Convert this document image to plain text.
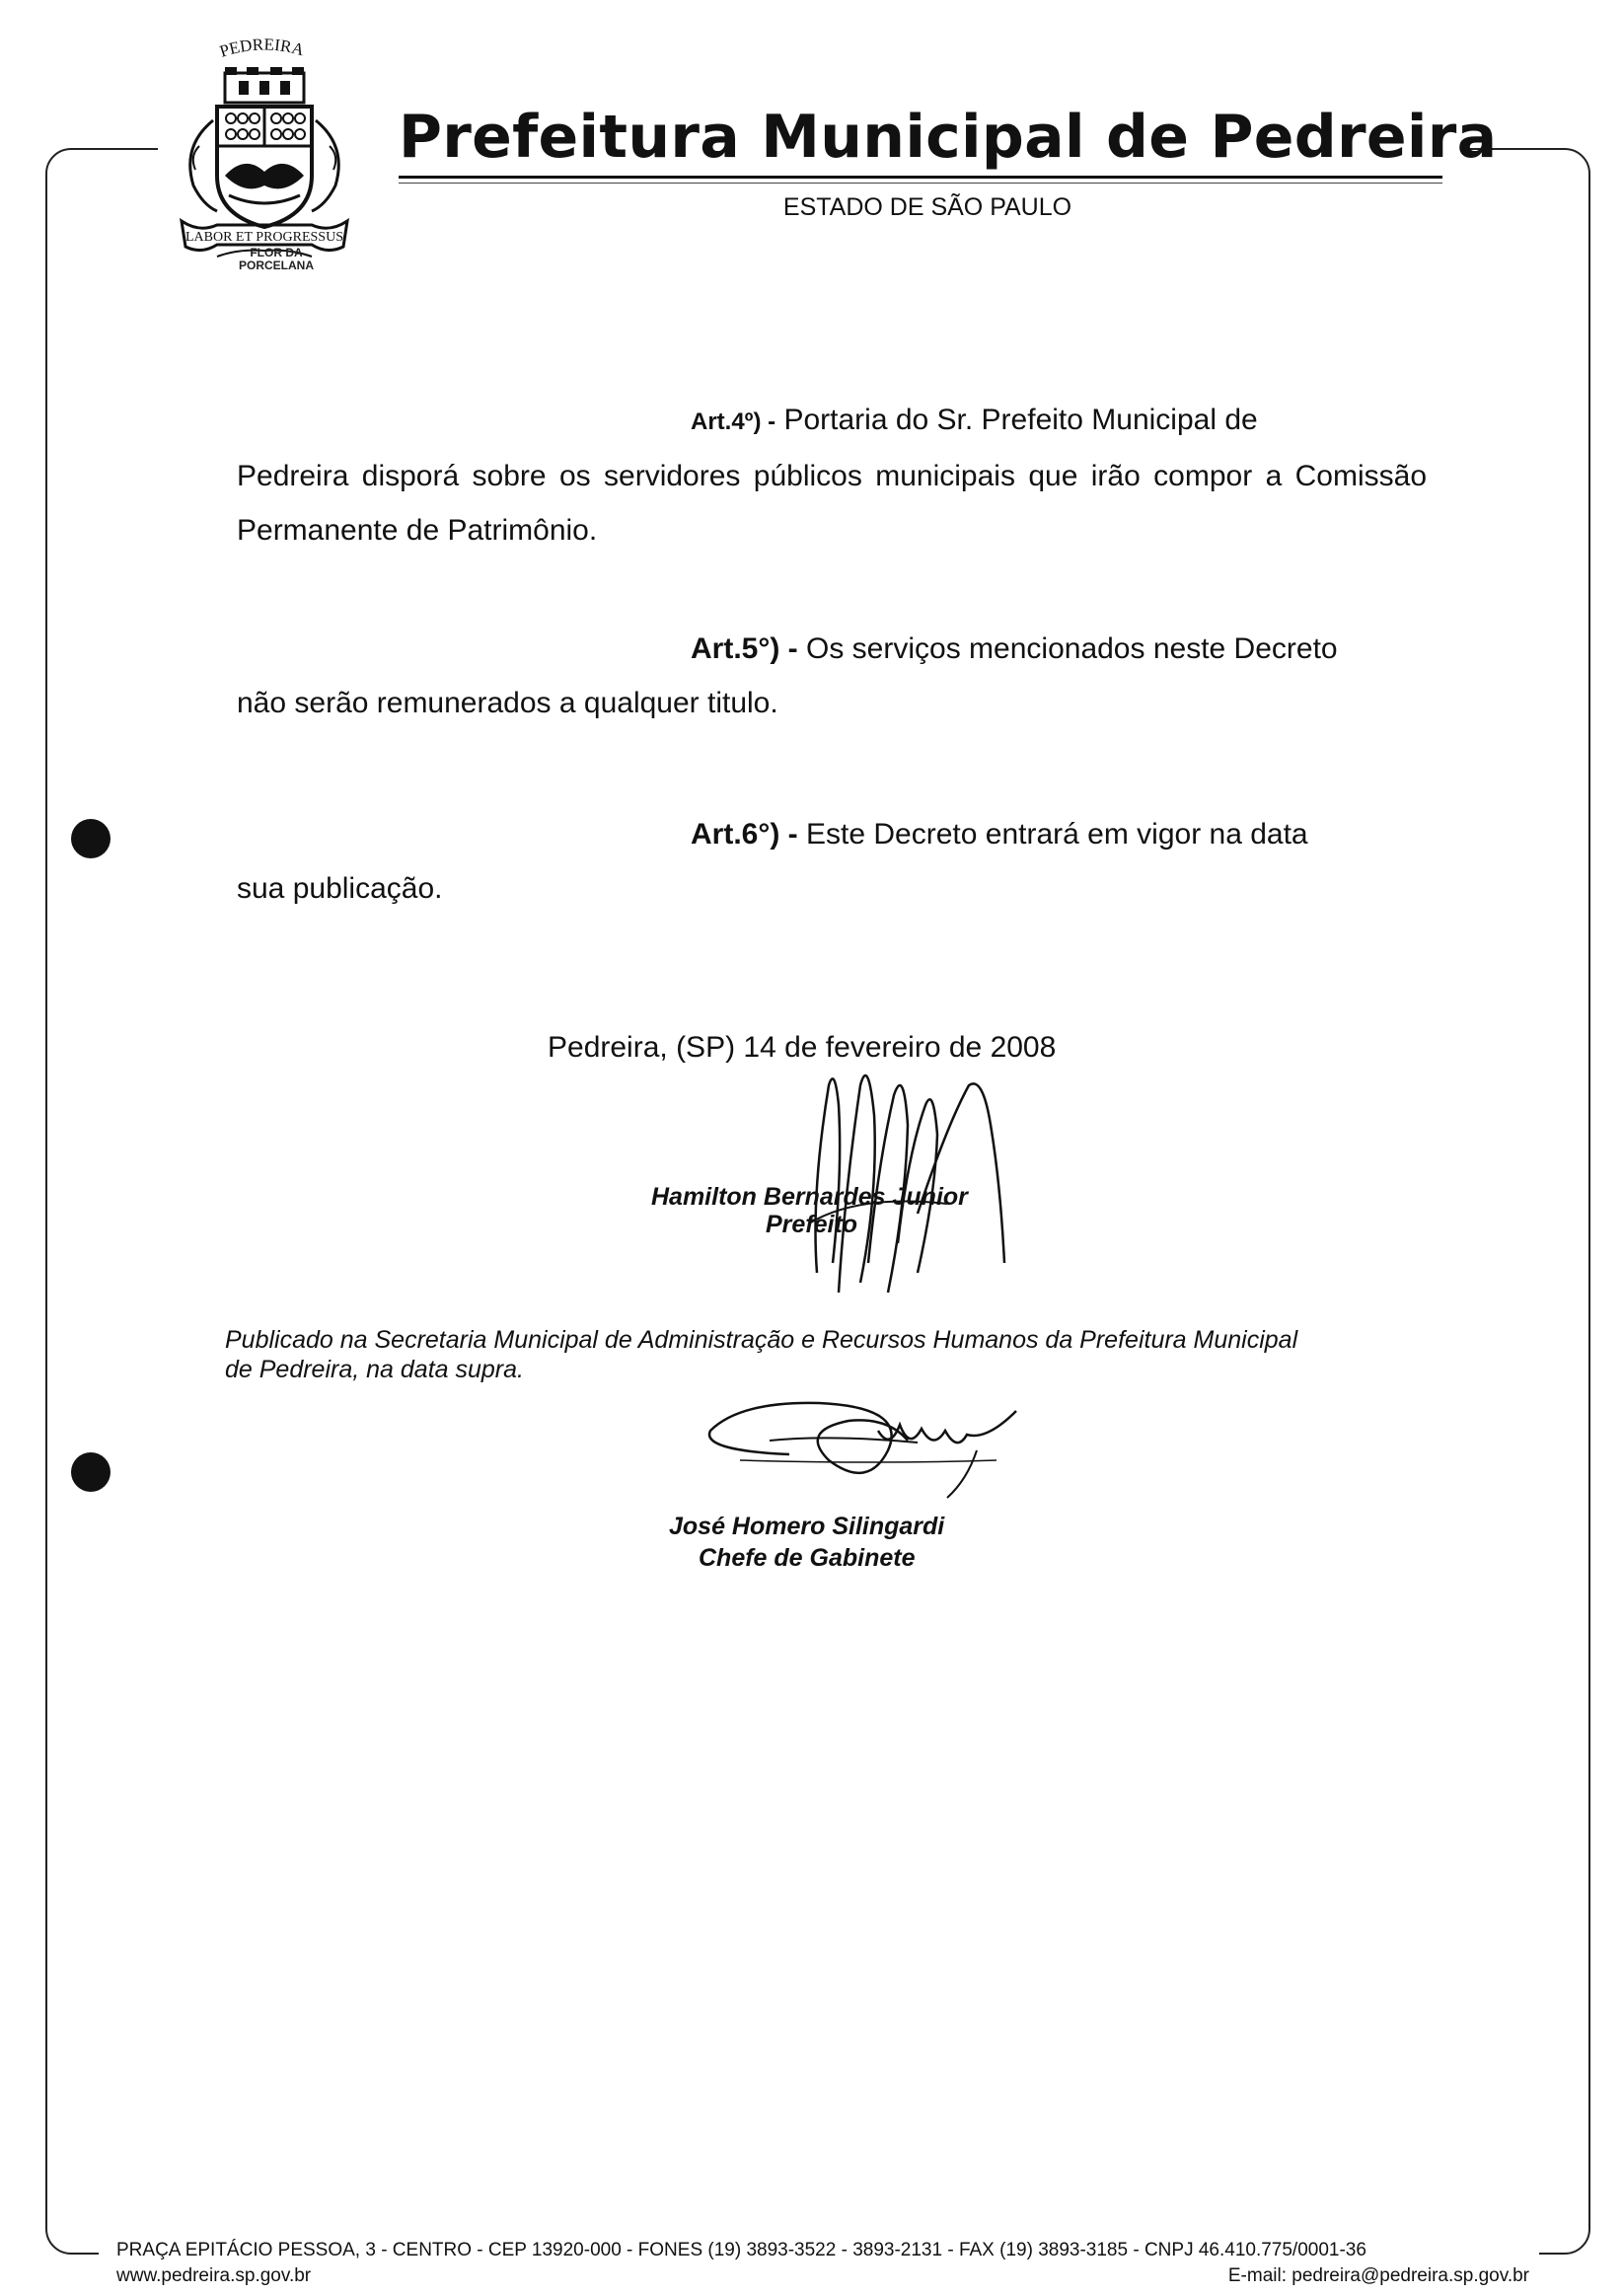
PEDREIRA
LABOR ET PROGRESSUS
FLOR DA
PORCELANA
Prefeitura Municipal de Pedreira
ESTADO DE SÃO PAULO

Art.4º) - Portaria do Sr. Prefeito Municipal de

Pedreira disporá sobre os servidores públicos municipais que irão compor a Comissão Permanente de Patrimônio.

Art.5°) - Os serviços mencionados neste Decreto

não serão remunerados a qualquer titulo.

Art.6°) - Este Decreto entrará em vigor na data

sua publicação.

Pedreira, (SP) 14 de fevereiro de 2008
Hamilton Bernardes Junior
Prefeito

Publicado na Secretaria Municipal de Administração e Recursos Humanos da Prefeitura Municipal

de Pedreira, na data supra.

José Homero Silingardi
Chefe de Gabinete
PRAÇA EPITÁCIO PESSOA, 3 - CENTRO - CEP 13920-000 - FONES (19) 3893-3522 - 3893-2131 - FAX (19) 3893-3185 - CNPJ 46.410.775/0001-36
www.pedreira.sp.gov.br	E-mail: pedreira@pedreira.sp.gov.br
